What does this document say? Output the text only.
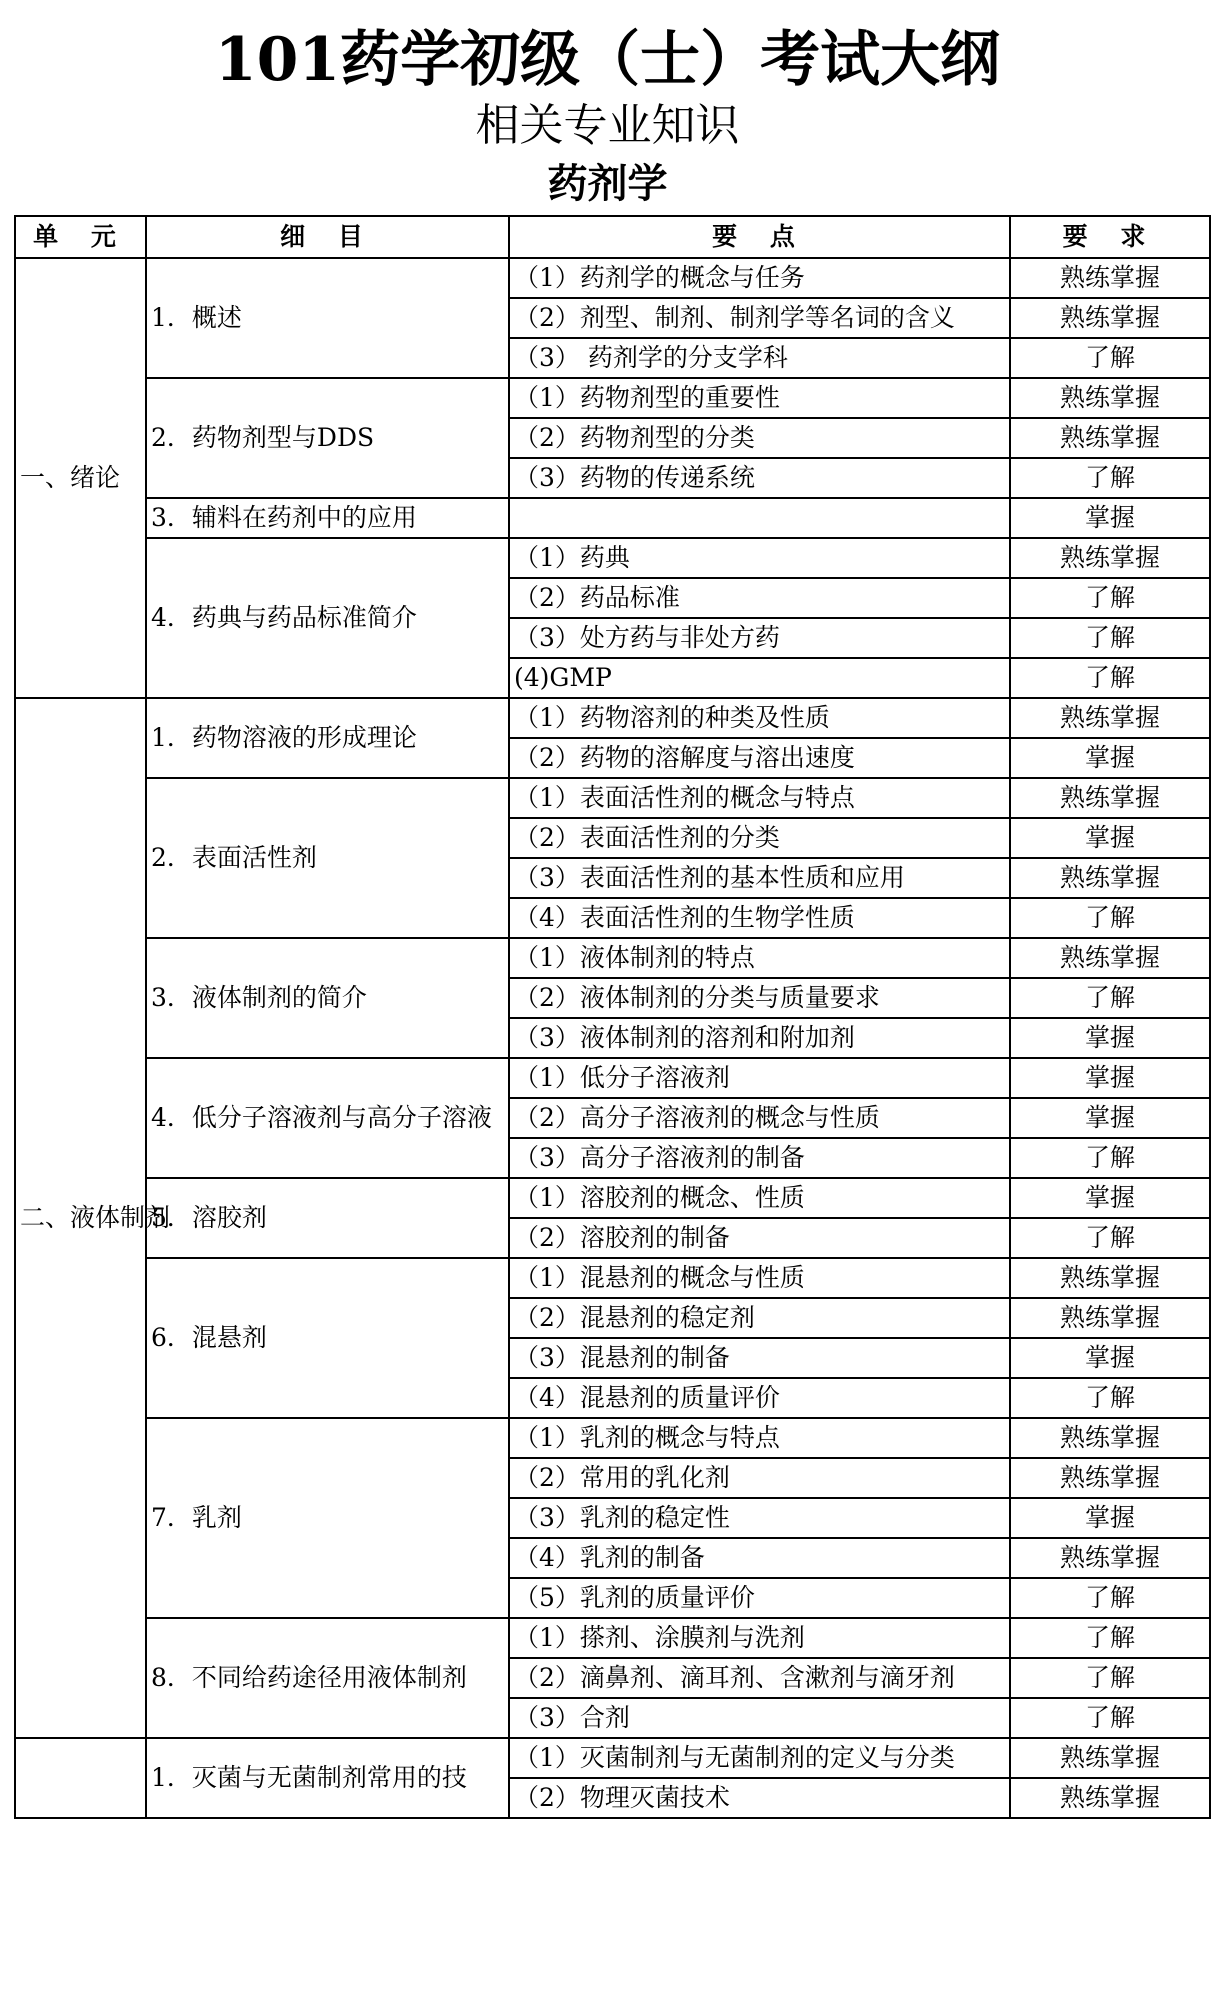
101药学初级（士）考试大纲
相关专业知识
药剂学
单 元	细 目	要 点	要 求
一、绪论	1．概述	（1）药剂学的概念与任务	熟练掌握
		（2）剂型、制剂、制剂学等名词的含义	熟练掌握
		（3） 药剂学的分支学科	了解
	2．药物剂型与DDS	（1）药物剂型的重要性	熟练掌握
		（2）药物剂型的分类	熟练掌握
		（3）药物的传递系统	了解
	3．辅料在药剂中的应用		掌握
	4．药典与药品标准简介	（1）药典	熟练掌握
		（2）药品标准	了解
		（3）处方药与非处方药	了解
		(4)GMP	了解
二、液体制剂	1．药物溶液的形成理论	（1）药物溶剂的种类及性质	熟练掌握
		（2）药物的溶解度与溶出速度	掌握
	2．表面活性剂	（1）表面活性剂的概念与特点	熟练掌握
		（2）表面活性剂的分类	掌握
		（3）表面活性剂的基本性质和应用	熟练掌握
		（4）表面活性剂的生物学性质	了解
	3．液体制剂的简介	（1）液体制剂的特点	熟练掌握
		（2）液体制剂的分类与质量要求	了解
		（3）液体制剂的溶剂和附加剂	掌握
	4．低分子溶液剂与高分子溶液	（1）低分子溶液剂	掌握
		（2）高分子溶液剂的概念与性质	掌握
		（3）高分子溶液剂的制备	了解
	5．溶胶剂	（1）溶胶剂的概念、性质	掌握
		（2）溶胶剂的制备	了解
	6．混悬剂	（1）混悬剂的概念与性质	熟练掌握
		（2）混悬剂的稳定剂	熟练掌握
		（3）混悬剂的制备	掌握
		（4）混悬剂的质量评价	了解
	7．乳剂	（1）乳剂的概念与特点	熟练掌握
		（2）常用的乳化剂	熟练掌握
		（3）乳剂的稳定性	掌握
		（4）乳剂的制备	熟练掌握
		（5）乳剂的质量评价	了解
	8．不同给药途径用液体制剂	（1）搽剂、涂膜剂与洗剂	了解
		（2）滴鼻剂、滴耳剂、含漱剂与滴牙剂	了解
		（3）合剂	了解
	1．灭菌与无菌制剂常用的技	（1）灭菌制剂与无菌制剂的定义与分类	熟练掌握
		（2）物理灭菌技术	熟练掌握
